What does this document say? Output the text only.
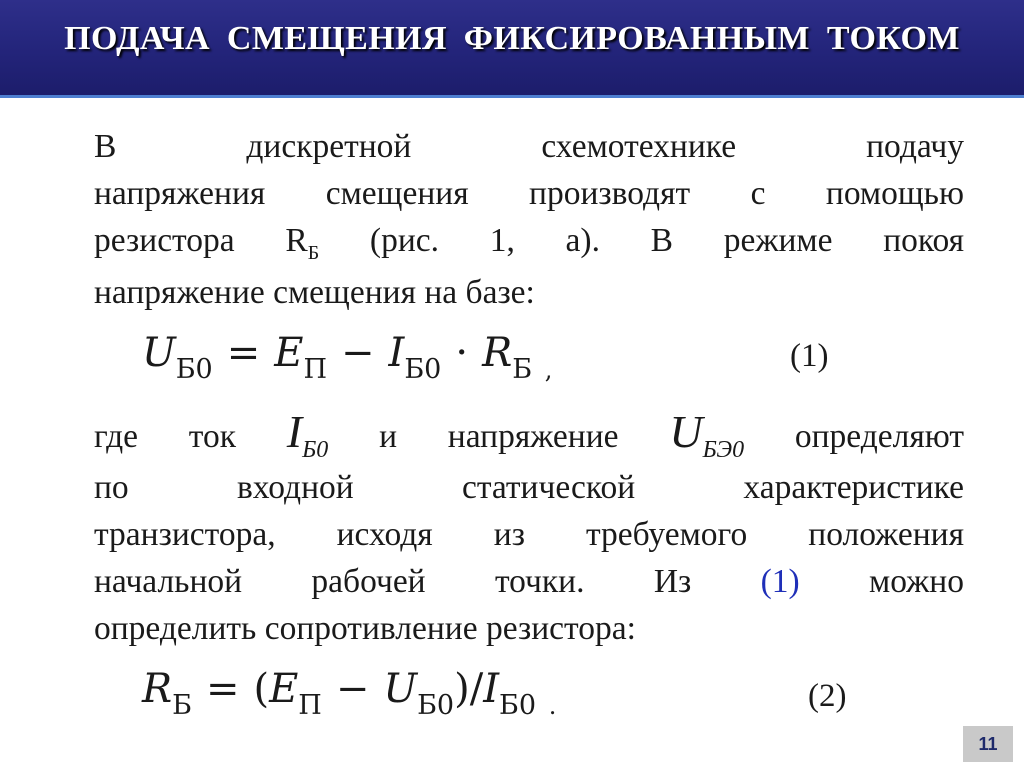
ПОДАЧА СМЕЩЕНИЯ ФИКСИРОВАННЫМ ТОКОМ
В дискретной схемотехнике подачу
напряжения смещения производят с помощью
резистора $R_Б$ (рис. 1, а). В режиме покоя
напряжение смещения на базе:
$U_{Б0} = E_П - I_{Б0} \cdot R_Б$ $_,$	(1)
где ток $I_{Б0}$ и напряжение $U_{БЭ0}$ определяют
по входной статической характеристике
транзистора, исходя из требуемого положения
начальной рабочей точки. Из (1) можно
определить сопротивление резистора:
$R_Б = (E_П - U_{Б0})/I_{Б0}$ $_.$	(2)
11
